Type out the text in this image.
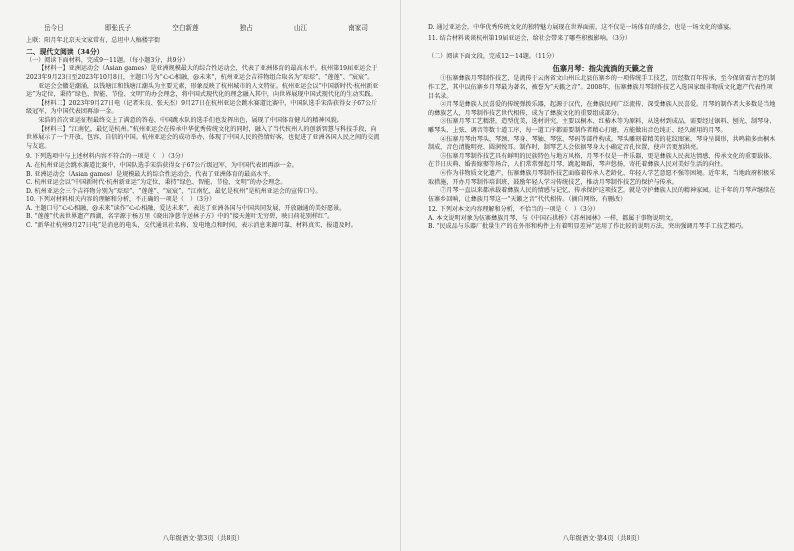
岳今日	即张氏子	空白新莲	独占	山江	南家司

上联：阳月年北京天文家常有，总坦中人稿楼字街

二、现代文阅读（34分）

（一）阅读下面材料，完成9～11题。（每小题3分，共9分）

【材料一】亚洲运动会（Asian games）是亚洲规模最大的综合性运动会，代表了亚洲体育的最高水平。杭州第19届亚运会于2023年9月23日至2023年10月8日，主题口号为“心心相融，@未来”，杭州亚运会吉祥物组合取名为“琮琮”、“莲莲”、“宸宸”。

亚运会会徽是潮涌，以钱塘江和钱塘江潮头为主要元素，形象反映了杭州城市的人文特征。杭州亚运会以“中国新时代·杭州新亚运”为定位，秉持“绿色、智能、节俭、文明”的办会理念，将中国式现代化的理念融入其中，向世界展现中国式现代化的生动实践。

【材料二】2023年9月27日电（记者朱良、张天杰）9月27日在杭州亚运会跳水赛道比赛中，中国队选手宋浩获得女子67公斤级冠军，为中国代表团再添一金。

宋浩的首次亚运征程最终交上了满意的答卷，中国跳水队的选手们也发挥出色，展现了中国体育健儿的精神风貌。

【材料三】“江南忆，最忆是杭州。”杭州亚运会在传承中华优秀传统文化的同时，融入了当代杭州人的创新智慧与科技手段，向世界展示了一个开放、包容、自信的中国。杭州亚运会的成功举办，体现了中国人民的热情好客，也促进了亚洲各国人民之间的交流与友谊。

9. 下列选项中与上述材料内容不符合的一项是（　）（3分）

A. 在杭州亚运会跳水赛道比赛中，中国队选手宋浩获得女子67公斤级冠军，为中国代表团再添一金。

B. 亚洲运动会（Asian games）是规模最大的综合性运动会，代表了亚洲体育的最高水平。

C. 杭州亚运会以“中国新时代·杭州新亚运”为定位，秉持“绿色、智能、节俭、文明”的办会理念。

D. 杭州亚运会三个吉祥物分别为“琮琮”、“莲莲”、“宸宸”，“江南忆，最忆是杭州”是杭州亚运会的宣传口号。

10. 下列对材料相关内容的理解和分析，不正确的一项是（　）（3分）

A. 主题口号“心心相融，@未来”读作“心心相融，爱达未来”，表达了亚洲各国与中国共同发展、开放融通的美好愿景。

B. “莲莲”代表世界遗产西湖，名字源于杨万里《晓出净慈寺送林子方》中的“接天莲叶无穷碧，映日荷花别样红”。

C. “新华社杭州9月27日电”是消息的电头，交代通讯社名称、发电地点和时间，表示消息来源可靠、材料真实、报道及时。

八年级语文·第3页（共8页）

D. 通过亚运会，中华优秀传统文化的独特魅力展现在世界面前，这不仅是一场体育的盛会，也是一场文化的盛宴。

11. 结合材料谈谈杭州第19届亚运会，给社会带来了哪些积极影响。（3分）

（二）阅读下面文段，完成12～14题。（11分）

伍寨月琴：指尖流淌的天籁之音

①伍寨彝族月琴制作技艺，是流传于云南省文山州丘北县伍寨乡的一项传统手工技艺，历经数百年传承，至今保留着古老的制作工艺，其中以伍寨乡月琴最为著名，被誉为“天籁之音”。2008年，伍寨彝族月琴制作技艺入选国家级非物质文化遗产代表性项目名录。

②月琴是彝族人民喜爱的传统弹拨乐器，起源于汉代，在彝族民间广泛流传，深受彝族人民喜爱。月琴的制作者大多数是当地的彝族艺人，月琴制作技艺世代相传，成为了彝族文化的重要组成部分。

③伍寨月琴工艺精湛，造型优美，选材讲究，主要以桐木、红椿木等为原料，从选材到成品，需要经过锯料、刨光、制琴身、雕琴头、上弦、调音等数十道工序，每一道工序都需要制作者精心打磨，方能做出音色纯正、经久耐用的月琴。

④伍寨月琴由琴头、琴颈、琴身、琴轴、琴弦、琴码等部件构成。琴头雕刻着精美的花纹图案，琴身呈圆形，共鸣箱多由桐木制成，音色清脆明亮、圆润悦耳。制作时，制琴艺人会依据琴身大小确定音孔位置，使声音更加洪亮。

⑤伍寨月琴制作技艺具有鲜明的民族特色与地方风格，月琴不仅是一件乐器，更是彝族人民表达情感、传承文化的重要载体。在节日庆典、婚丧嫁娶等场合，人们常常弹起月琴、跳起舞蹈，琴声悠扬，寄托着彝族人民对美好生活的向往。

⑥作为非物质文化遗产，伍寨彝族月琴制作技艺面临着传承人老龄化、年轻人学艺意愿不强等困境。近年来，当地政府积极采取措施，开办月琴制作培训班，鼓励年轻人学习传统技艺，推动月琴制作技艺的保护与传承。

⑦月琴一直以来都承载着彝族人民的情感与记忆，传承保护这项技艺，就是守护彝族人民的精神家园。让千年的月琴声继续在伍寨乡回响，让彝族月琴这一“天籁之音”代代相传。（摘自网络，有删改）

12. 下列对本文内容理解和分析，不恰当的一项是（　）（3分）

A. 本文说明对象为伍寨彝族月琴，与《中国石拱桥》《苏州园林》一样，都属于事物说明文。

B. “民成品与乐器厂批量生产的在外形和构件上有着明显差异”运用了作比较的说明方法，突出强调月琴手工技艺精巧。

八年级语文·第4页（共8页）
